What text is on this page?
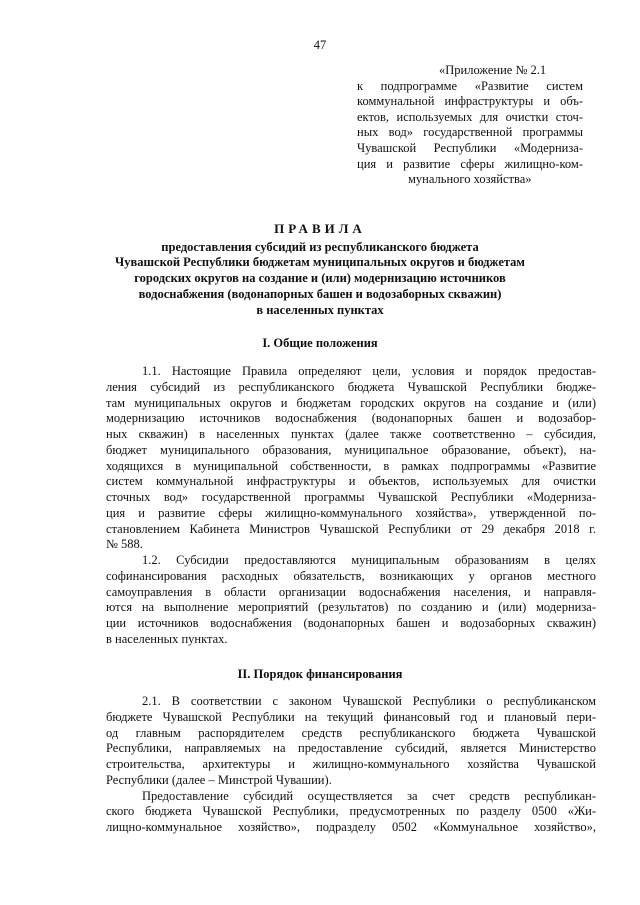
47
«Приложение № 2.1
к подпрограмме «Развитие систем
коммунальной инфраструктуры и объ-
ектов, используемых для очистки сточ-
ных вод» государственной программы
Чувашской Республики «Модерниза-
ция и развитие сферы жилищно-ком-
мунального хозяйства»
ПРАВИЛА
предоставления субсидий из республиканского бюджета
Чувашской Республики бюджетам муниципальных округов и бюджетам
городских округов на создание и (или) модернизацию источников
водоснабжения (водонапорных башен и водозаборных скважин)
в населенных пунктах
I. Общие положения
1.1. Настоящие Правила определяют цели, условия и порядок предостав-
ления субсидий из республиканского бюджета Чувашской Республики бюдже-
там муниципальных округов и бюджетам городских округов на создание и (или)
модернизацию источников водоснабжения (водонапорных башен и водозабор-
ных скважин) в населенных пунктах (далее также соответственно – субсидия,
бюджет муниципального образования, муниципальное образование, объект), на-
ходящихся в муниципальной собственности, в рамках подпрограммы «Развитие
систем коммунальной инфраструктуры и объектов, используемых для очистки
сточных вод» государственной программы Чувашской Республики «Модерниза-
ция и развитие сферы жилищно-коммунального хозяйства», утвержденной по-
становлением Кабинета Министров Чувашской Республики от 29 декабря 2018 г.
№ 588.
1.2. Субсидии предоставляются муниципальным образованиям в целях
софинансирования расходных обязательств, возникающих у органов местного
самоуправления в области организации водоснабжения населения, и направля-
ются на выполнение мероприятий (результатов) по созданию и (или) модерниза-
ции источников водоснабжения (водонапорных башен и водозаборных скважин)
в населенных пунктах.
II. Порядок финансирования
2.1. В соответствии с законом Чувашской Республики о республиканском
бюджете Чувашской Республики на текущий финансовый год и плановый пери-
од главным распорядителем средств республиканского бюджета Чувашской
Республики, направляемых на предоставление субсидий, является Министерство
строительства, архитектуры и жилищно-коммунального хозяйства Чувашской
Республики (далее – Минстрой Чувашии).
Предоставление субсидий осуществляется за счет средств республикан-
ского бюджета Чувашской Республики, предусмотренных по разделу 0500 «Жи-
лищно-коммунальное хозяйство», подразделу 0502 «Коммунальное хозяйство»,
